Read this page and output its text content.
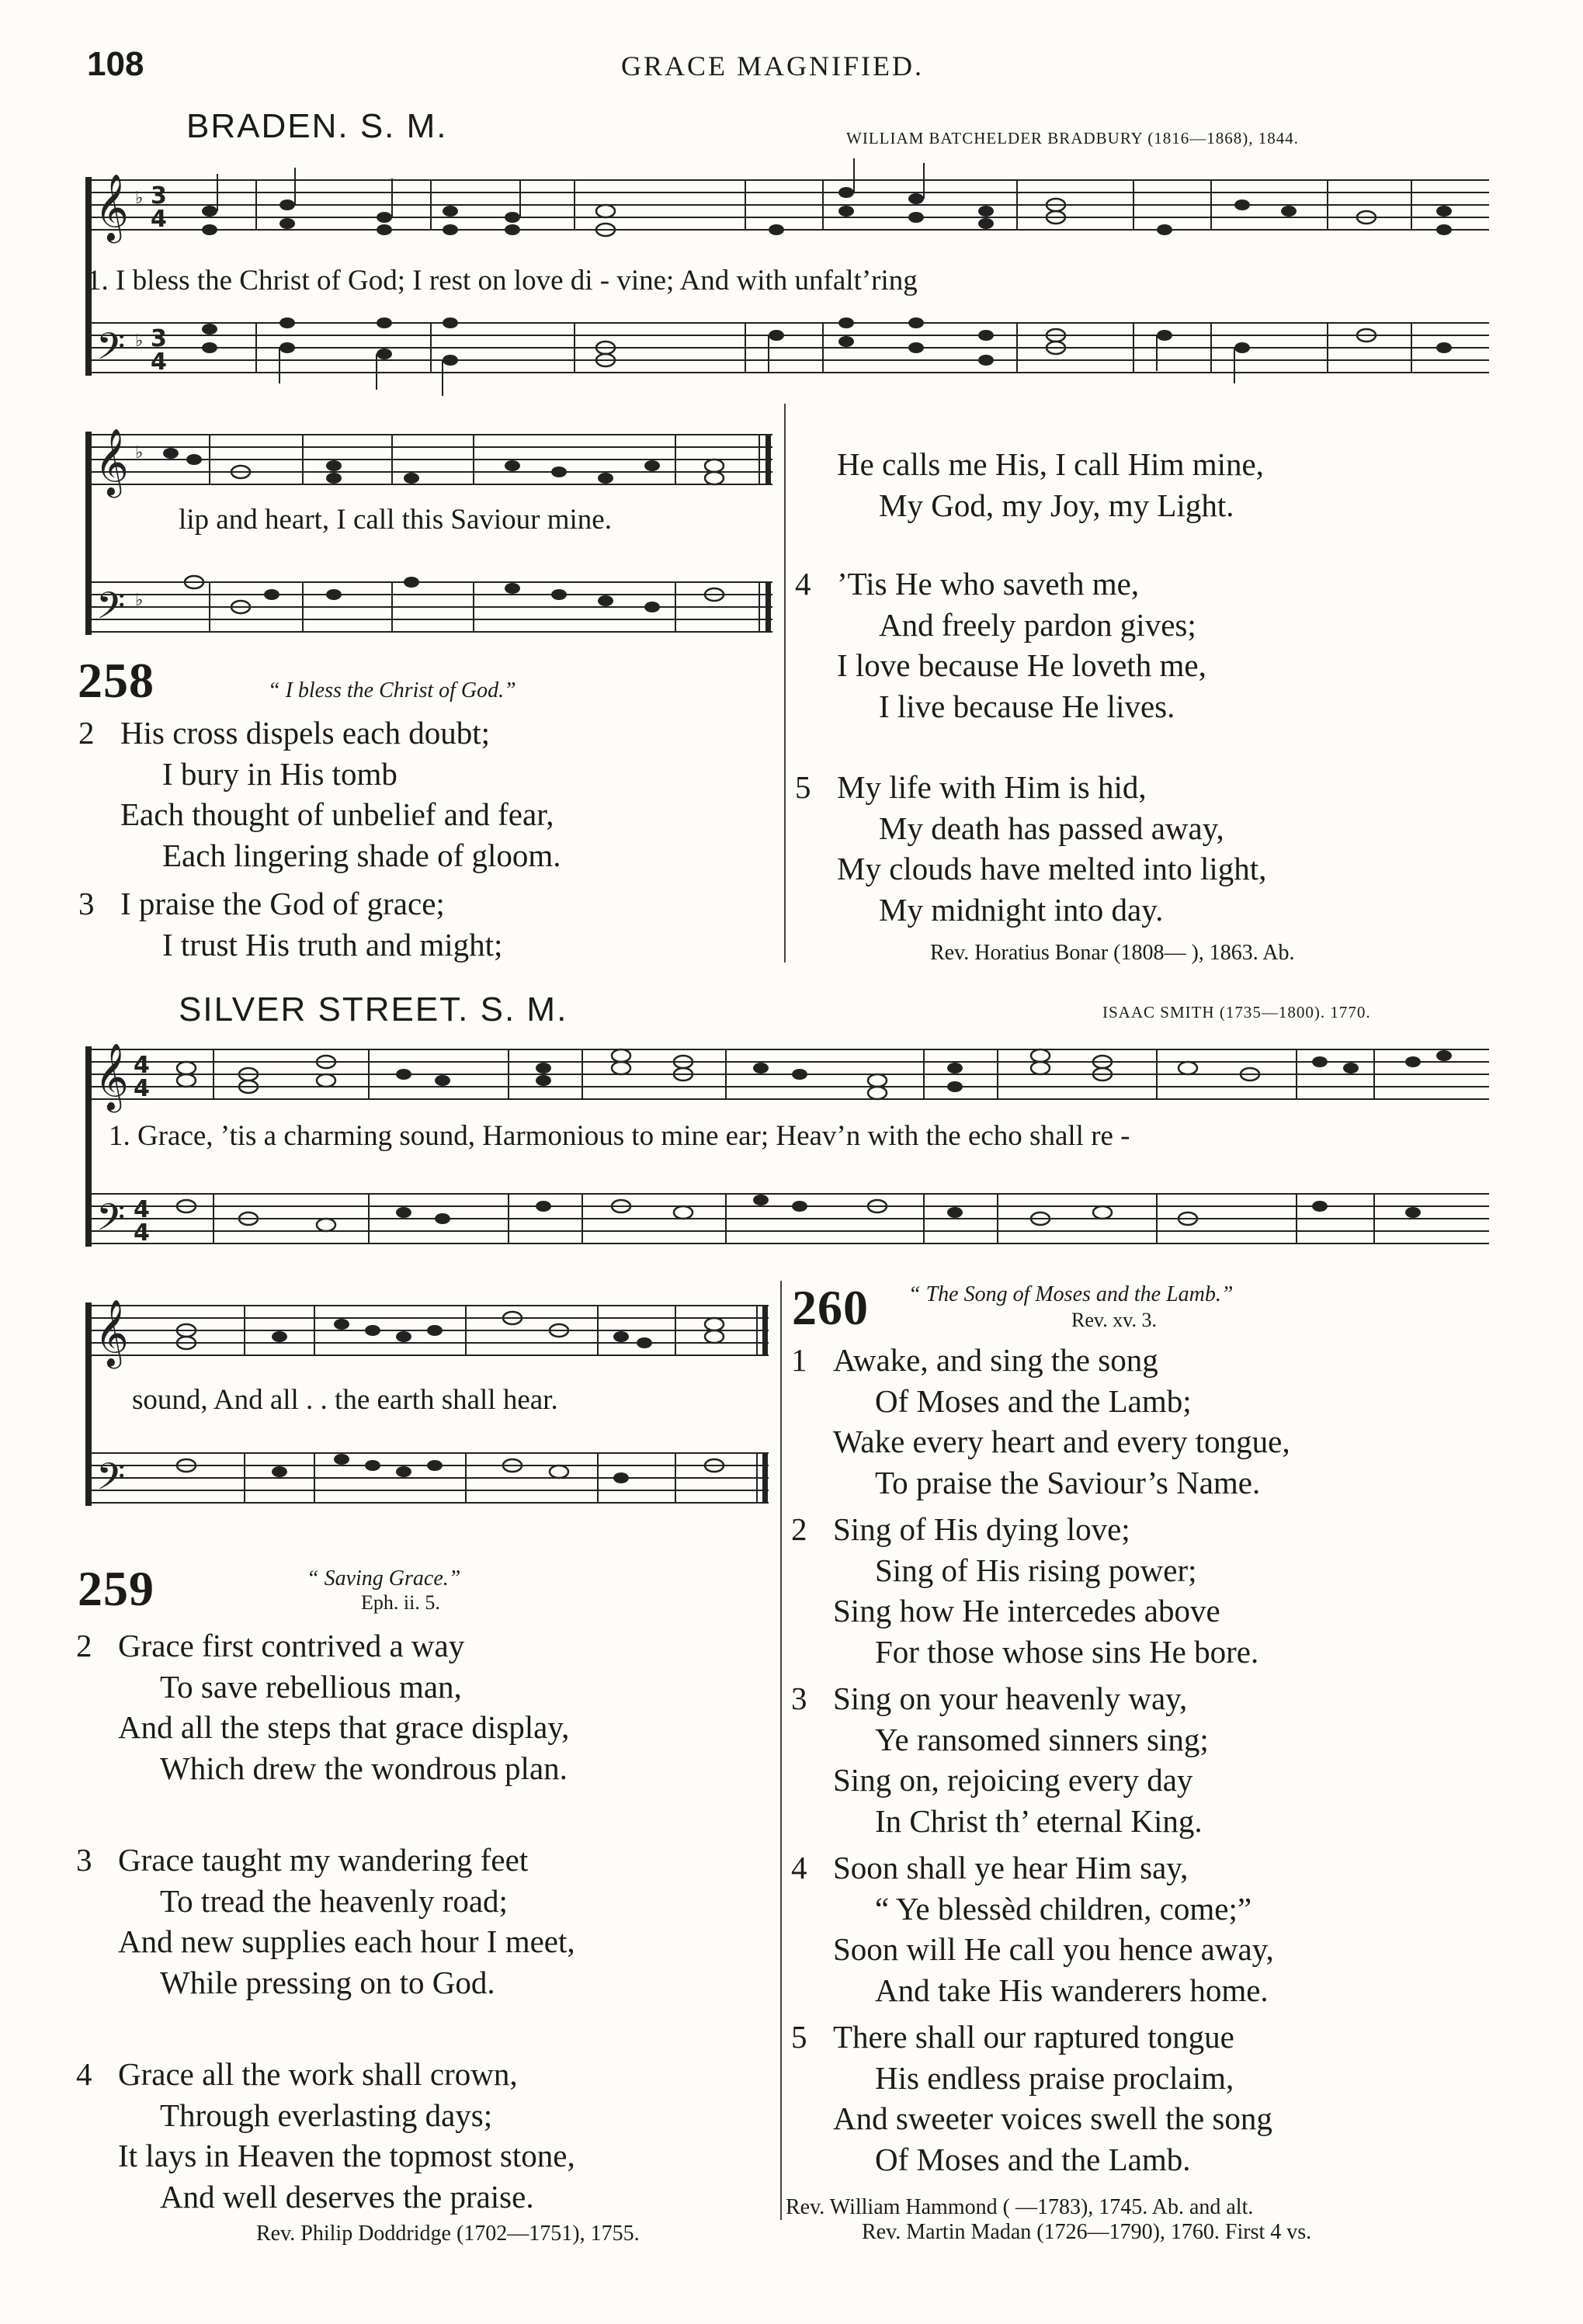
108	GRACE MAGNIFIED.
BRADEN. S. M.	WILLIAM BATCHELDER BRADBURY (1816—1868), 1844.
𝄞
𝄢
♭ 3
4
♭ 3
4
1. I bless the Christ of God; I rest on love di - vine; And with unfalt’ring
𝄞
𝄢
♭
♭
lip and heart, I call this Saviour mine.
258	“ I bless the Christ of God.”
2 His cross dispels each doubt;
I bury in His tomb
Each thought of unbelief and fear,
Each lingering shade of gloom.
3 I praise the God of grace;
I trust His truth and might;
He calls me His, I call Him mine,
My God, my Joy, my Light.
4 ’Tis He who saveth me,
And freely pardon gives;
I love because He loveth me,
I live because He lives.
5 My life with Him is hid,
My death has passed away,
My clouds have melted into light,
My midnight into day.
Rev. Horatius Bonar (1808— ), 1863. Ab.
SILVER STREET. S. M.	ISAAC SMITH (1735—1800). 1770.
𝄞
𝄢
4
4
4
4
1. Grace, ’tis a charming sound, Harmonious to mine ear; Heav’n with the echo shall re -
𝄞
𝄢
sound, And all . . the earth shall hear.
259	“ Saving Grace.”
Eph. ii. 5.
2 Grace first contrived a way
To save rebellious man,
And all the steps that grace display,
Which drew the wondrous plan.
3 Grace taught my wandering feet
To tread the heavenly road;
And new supplies each hour I meet,
While pressing on to God.
4 Grace all the work shall crown,
Through everlasting days;
It lays in Heaven the topmost stone,
And well deserves the praise.
Rev. Philip Doddridge (1702—1751), 1755.
260 “ The Song of Moses and the Lamb.”
Rev. xv. 3.
1 Awake, and sing the song
Of Moses and the Lamb;
Wake every heart and every tongue,
To praise the Saviour’s Name.
2 Sing of His dying love;
Sing of His rising power;
Sing how He intercedes above
For those whose sins He bore.
3 Sing on your heavenly way,
Ye ransomed sinners sing;
Sing on, rejoicing every day
In Christ th’ eternal King.
4 Soon shall ye hear Him say,
“ Ye blessèd children, come;”
Soon will He call you hence away,
And take His wanderers home.
5 There shall our raptured tongue
His endless praise proclaim,
And sweeter voices swell the song
Of Moses and the Lamb.
Rev. William Hammond ( —1783), 1745. Ab. and alt.
Rev. Martin Madan (1726—1790), 1760. First 4 vs.
